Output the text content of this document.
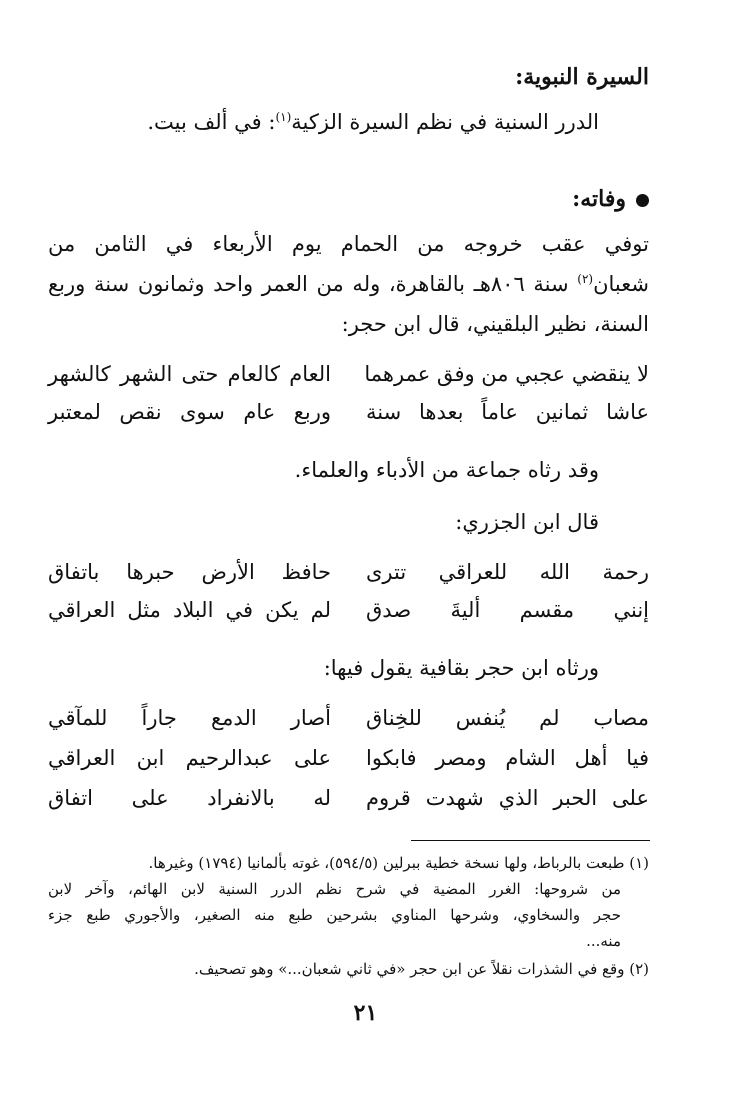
السيرة النبوية:
الدرر السنية في نظم السيرة الزكية$^{(١)}$: في ألف بيت.
وفاته:
توفي عقب خروجه من الحمام يوم الأربعاء في الثامن من
شعبان$^{(٢)}$ سنة ٨٠٦هـ بالقاهرة، وله من العمر واحد وثمانون سنة وربع
السنة، نظير البلقيني، قال ابن حجر:
لا ينقضي عجبي من وفق عمرهما
العام كالعام حتى الشهر كالشهر
عاشا ثمانين عاماً بعدها سنة
وربع عام سوى نقص لمعتبر
وقد رثاه جماعة من الأدباء والعلماء.
قال ابن الجزري:
رحمة الله للعراقي تترى
حافظ الأرض حبرها باتفاق
إنني مقسم أليةَ صدق
لم يكن في البلاد مثل العراقي
ورثاه ابن حجر بقافية يقول فيها:
مصاب لم يُنفس للخِناق
أصار الدمع جاراً للمآقي
فيا أهل الشام ومصر فابكوا
على عبدالرحيم ابن العراقي
على الحبر الذي شهدت قروم
له بالانفراد على اتفاق
(١) طبعت بالرباط، ولها نسخة خطية ببرلين (٥٩٤/٥)، غوته بألمانيا (١٧٩٤) وغيرها.
من شروحها: الغرر المضية في شرح نظم الدرر السنية لابن الهائم، وآخر لابن
حجر والسخاوي، وشرحها المناوي بشرحين طبع منه الصغير، والأجوري طبع جزء
منه...
(٢) وقع في الشذرات نقلاً عن ابن حجر «في ثاني شعبان...» وهو تصحيف.
٢١
